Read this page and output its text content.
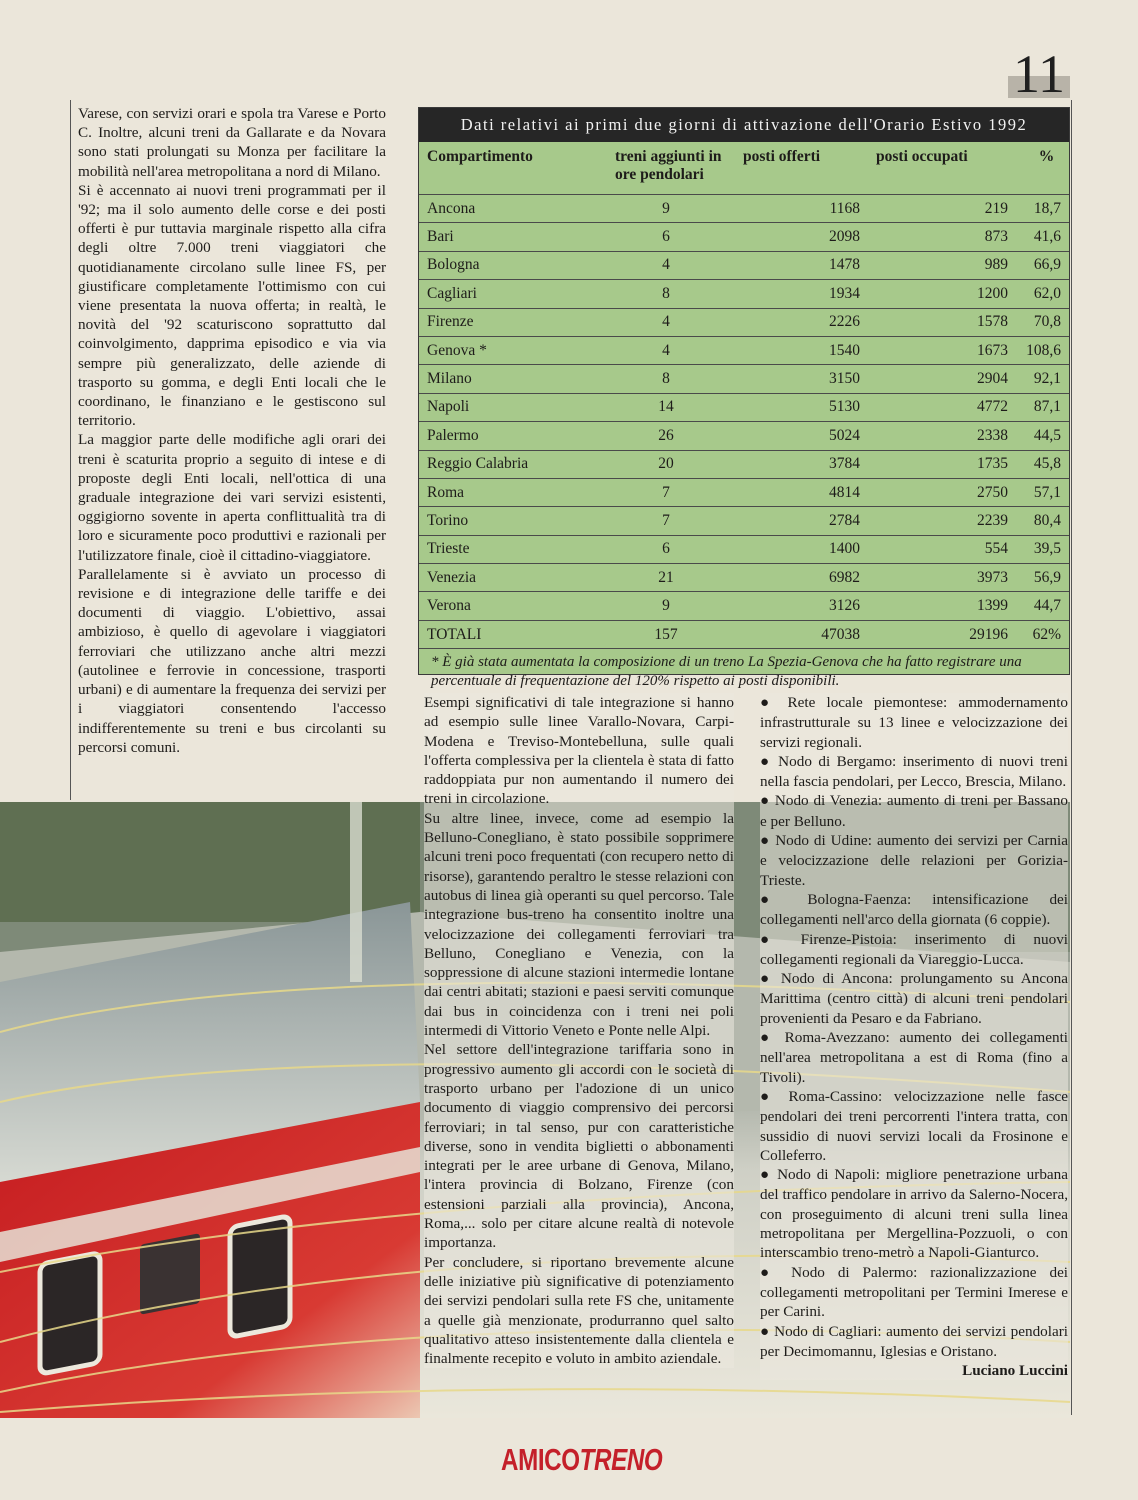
11

Varese, con servizi orari e spola tra Varese e Porto C. Inoltre, alcuni treni da Gallarate e da Novara sono stati prolungati su Monza per facilitare la mobilità nell'area metropolitana a nord di Milano.

Si è accennato ai nuovi treni programmati per il '92; ma il solo aumento delle corse e dei posti offerti è pur tuttavia marginale rispetto alla cifra degli oltre 7.000 treni viaggiatori che quotidianamente circolano sulle linee FS, per giustificare completamente l'ottimismo con cui viene presentata la nuova offerta; in realtà, le novità del '92 scaturiscono soprattutto dal coinvolgimento, dapprima episodico e via via sempre più generalizzato, delle aziende di trasporto su gomma, e degli Enti locali che le coordinano, le finanziano e le gestiscono sul territorio.

La maggior parte delle modifiche agli orari dei treni è scaturita proprio a seguito di intese e di proposte degli Enti locali, nell'ottica di una graduale integrazione dei vari servizi esistenti, oggigiorno sovente in aperta conflittualità tra di loro e sicuramente poco produttivi e razionali per l'utilizzatore finale, cioè il cittadino-viaggiatore.

Parallelamente si è avviato un processo di revisione e di integrazione delle tariffe e dei documenti di viaggio. L'obiettivo, assai ambizioso, è quello di agevolare i viaggiatori ferroviari che utilizzano anche altri mezzi (autolinee e ferrovie in concessione, trasporti urbani) e di aumentare la frequenza dei servizi per i viaggiatori consentendo l'accesso indifferentemente su treni e bus circolanti su percorsi comuni.

Dati relativi ai primi due giorni di attivazione dell'Orario Estivo 1992
Compartimento	treni aggiunti in ore pendolari	posti offerti	posti occupati	%
Ancona	9	1168	219	18,7
Bari	6	2098	873	41,6
Bologna	4	1478	989	66,9
Cagliari	8	1934	1200	62,0
Firenze	4	2226	1578	70,8
Genova *	4	1540	1673	108,6
Milano	8	3150	2904	92,1
Napoli	14	5130	4772	87,1
Palermo	26	5024	2338	44,5
Reggio Calabria	20	3784	1735	45,8
Roma	7	4814	2750	57,1
Torino	7	2784	2239	80,4
Trieste	6	1400	554	39,5
Venezia	21	6982	3973	56,9
Verona	9	3126	1399	44,7
TOTALI	157	47038	29196	62%
* È già stata aumentata la composizione di un treno La Spezia-Genova che ha fatto registrare una percentuale di frequentazione del 120% rispetto ai posti disponibili.

Esempi significativi di tale integrazione si hanno ad esempio sulle linee Varallo-Novara, Carpi-Modena e Treviso-Montebelluna, sulle quali l'offerta complessiva per la clientela è stata di fatto raddoppiata pur non aumentando il numero dei treni in circolazione.

Su altre linee, invece, come ad esempio la Belluno-Conegliano, è stato possibile sopprimere alcuni treni poco frequentati (con recupero netto di risorse), garantendo peraltro le stesse relazioni con autobus di linea già operanti su quel percorso. Tale integrazione bus-treno ha consentito inoltre una velocizzazione dei collegamenti ferroviari tra Belluno, Conegliano e Venezia, con la soppressione di alcune stazioni intermedie lontane dai centri abitati; stazioni e paesi serviti comunque dai bus in coincidenza con i treni nei poli intermedi di Vittorio Veneto e Ponte nelle Alpi.

Nel settore dell'integrazione tariffaria sono in progressivo aumento gli accordi con le società di trasporto urbano per l'adozione di un unico documento di viaggio comprensivo dei percorsi ferroviari; in tal senso, pur con caratteristiche diverse, sono in vendita biglietti o abbonamenti integrati per le aree urbane di Genova, Milano, l'intera provincia di Bolzano, Firenze (con estensioni parziali alla provincia), Ancona, Roma,... solo per citare alcune realtà di notevole importanza.

Per concludere, si riportano brevemente alcune delle iniziative più significative di potenziamento dei servizi pendolari sulla rete FS che, unitamente a quelle già menzionate, produrranno quel salto qualitativo atteso insistentemente dalla clientela e finalmente recepito e voluto in ambito aziendale.

● Rete locale piemontese: ammodernamento infrastrutturale su 13 linee e velocizzazione dei servizi regionali.

● Nodo di Bergamo: inserimento di nuovi treni nella fascia pendolari, per Lecco, Brescia, Milano.

● Nodo di Venezia: aumento di treni per Bassano e per Belluno.

● Nodo di Udine: aumento dei servizi per Carnia e velocizzazione delle relazioni per Gorizia-Trieste.

● Bologna-Faenza: intensificazione dei collegamenti nell'arco della giornata (6 coppie).

● Firenze-Pistoia: inserimento di nuovi collegamenti regionali da Viareggio-Lucca.

● Nodo di Ancona: prolungamento su Ancona Marittima (centro città) di alcuni treni pendolari provenienti da Pesaro e da Fabriano.

● Roma-Avezzano: aumento dei collegamenti nell'area metropolitana a est di Roma (fino a Tivoli).

● Roma-Cassino: velocizzazione nelle fasce pendolari dei treni percorrenti l'intera tratta, con sussidio di nuovi servizi locali da Frosinone e Colleferro.

● Nodo di Napoli: migliore penetrazione urbana del traffico pendolare in arrivo da Salerno-Nocera, con proseguimento di alcuni treni sulla linea metropolitana per Mergellina-Pozzuoli, o con interscambio treno-metrò a Napoli-Gianturco.

● Nodo di Palermo: razionalizzazione dei collegamenti metropolitani per Termini Imerese e per Carini.

● Nodo di Cagliari: aumento dei servizi pendolari per Decimomannu, Iglesias e Oristano.

Luciano Luccini

AMICOTRENO
